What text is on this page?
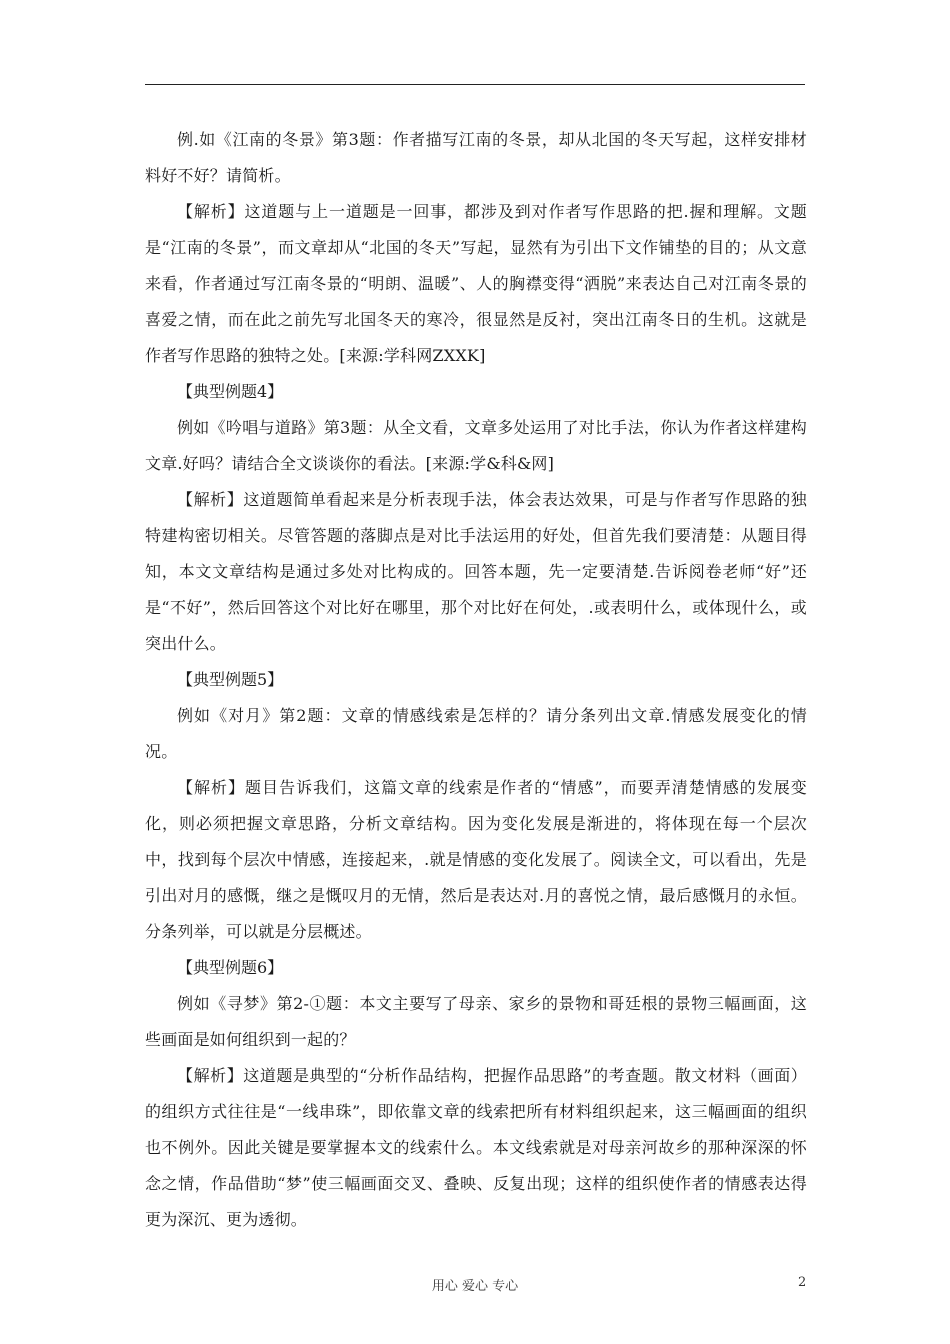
例.如《江南的冬景》第3题：作者描写江南的冬景，却从北国的冬天写起，这样安排材料好不好？请简析。

【解析】这道题与上一道题是一回事，都涉及到对作者写作思路的把.握和理解。文题是“江南的冬景”，而文章却从“北国的冬天”写起，显然有为引出下文作铺垫的目的；从文意来看，作者通过写江南冬景的“明朗、温暖”、人的胸襟变得“洒脱”来表达自己对江南冬景的喜爱之情，而在此之前先写北国冬天的寒冷，很显然是反衬，突出江南冬日的生机。这就是作者写作思路的独特之处。[来源:学科网ZXXK]

【典型例题4】

例如《吟唱与道路》第3题：从全文看，文章多处运用了对比手法，你认为作者这样建构文章.好吗？请结合全文谈谈你的看法。[来源:学&科&网]

【解析】这道题简单看起来是分析表现手法，体会表达效果，可是与作者写作思路的独特建构密切相关。尽管答题的落脚点是对比手法运用的好处，但首先我们要清楚：从题目得知，本文文章结构是通过多处对比构成的。回答本题，先一定要清楚.告诉阅卷老师“好”还是“不好”，然后回答这个对比好在哪里，那个对比好在何处，.或表明什么，或体现什么，或突出什么。

【典型例题5】

例如《对月》第2题：文章的情感线索是怎样的？请分条列出文章.情感发展变化的情况。

【解析】题目告诉我们，这篇文章的线索是作者的“情感”，而要弄清楚情感的发展变化，则必须把握文章思路，分析文章结构。因为变化发展是渐进的，将体现在每一个层次中，找到每个层次中情感，连接起来，.就是情感的变化发展了。阅读全文，可以看出，先是引出对月的感慨，继之是慨叹月的无情，然后是表达对.月的喜悦之情，最后感慨月的永恒。分条列举，可以就是分层概述。

【典型例题6】

例如《寻梦》第2-①题：本文主要写了母亲、家乡的景物和哥廷根的景物三幅画面，这些画面是如何组织到一起的？

【解析】这道题是典型的“分析作品结构，把握作品思路”的考查题。散文材料（画面）的组织方式往往是“一线串珠”，即依靠文章的线索把所有材料组织起来，这三幅画面的组织也不例外。因此关键是要掌握本文的线索什么。本文线索就是对母亲河故乡的那种深深的怀念之情，作品借助“梦”使三幅画面交叉、叠映、反复出现；这样的组织使作者的情感表达得更为深沉、更为透彻。

用心 爱心 专心	2
